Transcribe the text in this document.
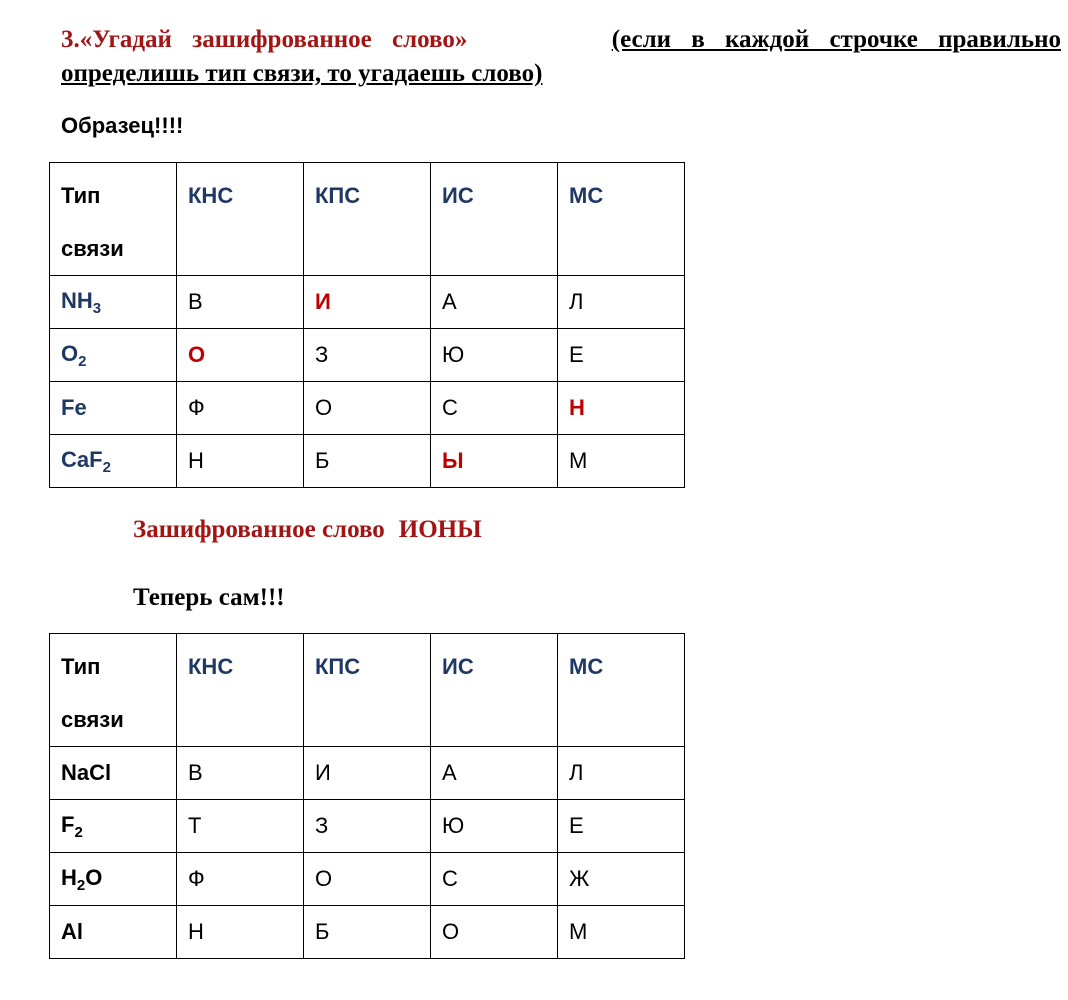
3.«Угадай зашифрованное слово»	(если в каждой строчке правильно
определишь тип связи, то угадаешь слово)
Образец!!!!
Тип
связи	КНС	КПС	ИС	МС
$NH_3$	В	И	А	Л
$O_2$	О	З	Ю	Е
Fe	Ф	О	С	Н
CaF$_2$	Н	Б	Ы	М
Зашифрованное слово ИОНЫ
Теперь сам!!!
Тип
связи	КНС	КПС	ИС	МС
NaCl	В	И	А	Л
$F_2$	Т	З	Ю	Е
$H_2O$	Ф	О	С	Ж
Al	Н	Б	О	М
